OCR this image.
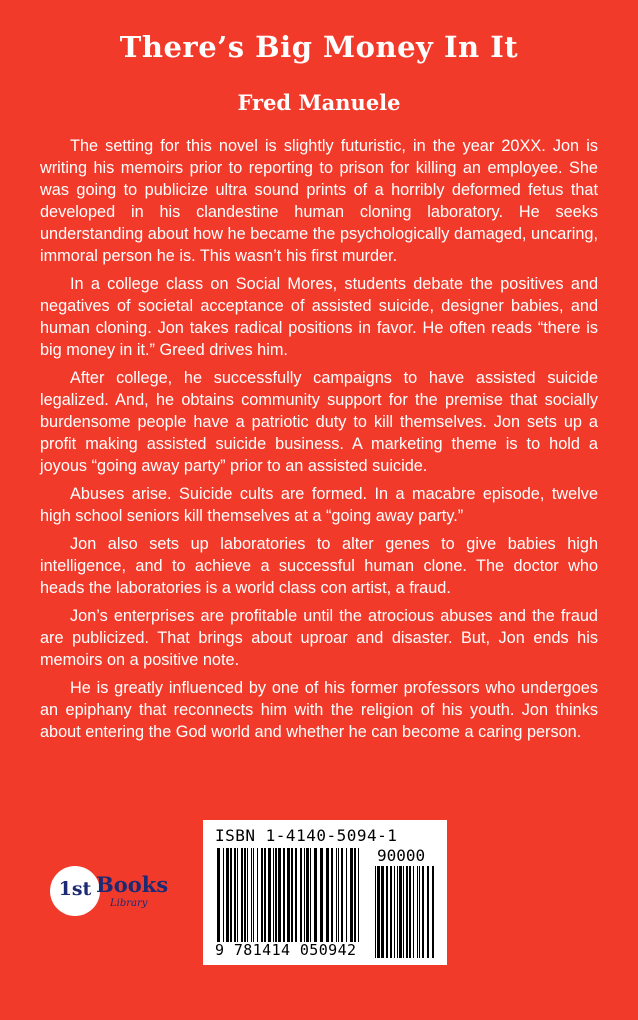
There’s Big Money In It
Fred Manuele

The setting for this novel is slightly futuristic, in the year 20XX. Jon is writing his memoirs prior to reporting to prison for killing an employee. She was going to publicize ultra sound prints of a horribly deformed fetus that developed in his clandestine human cloning laboratory. He seeks understanding about how he became the psychologically damaged, uncaring, immoral person he is. This wasn’t his first murder.

In a college class on Social Mores, students debate the positives and negatives of societal acceptance of assisted suicide, designer babies, and human cloning. Jon takes radical positions in favor. He often reads “there is big money in it.” Greed drives him.

After college, he successfully campaigns to have assisted suicide legalized. And, he obtains community support for the premise that socially burdensome people have a patriotic duty to kill themselves. Jon sets up a profit making assisted suicide business. A marketing theme is to hold a joyous “going away party” prior to an assisted suicide.

Abuses arise. Suicide cults are formed. In a macabre episode, twelve high school seniors kill themselves at a “going away party.”

Jon also sets up laboratories to alter genes to give babies high intelligence, and to achieve a successful human clone. The doctor who heads the laboratories is a world class con artist, a fraud.

Jon’s enterprises are profitable until the atrocious abuses and the fraud are publicized. That brings about uproar and disaster. But, Jon ends his memoirs on a positive note.

He is greatly influenced by one of his former professors who undergoes an epiphany that reconnects him with the religion of his youth. Jon thinks about entering the God world and whether he can become a caring person.

1st Books
Library
ISBN 1-4140-5094-1
90000
9 781414 050942
